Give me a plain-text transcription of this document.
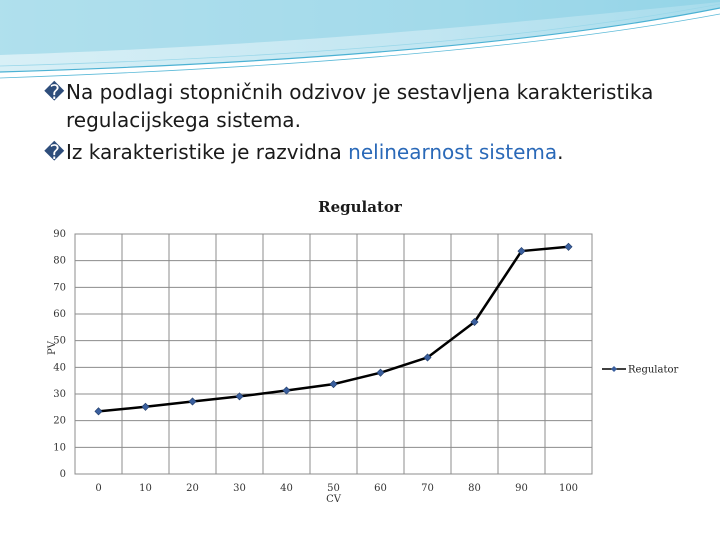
�Na podlagi stopničnih odzivov je sestavljena karakteristika regulacijskega sistema.
�Iz karakteristike je razvidna nelinearnost sistema.
Regulator
0
10
20
30
40
50
60
70
80
90
0	10	20	30	40	50	60	70	80	90	100
CV
PV
Regulator
